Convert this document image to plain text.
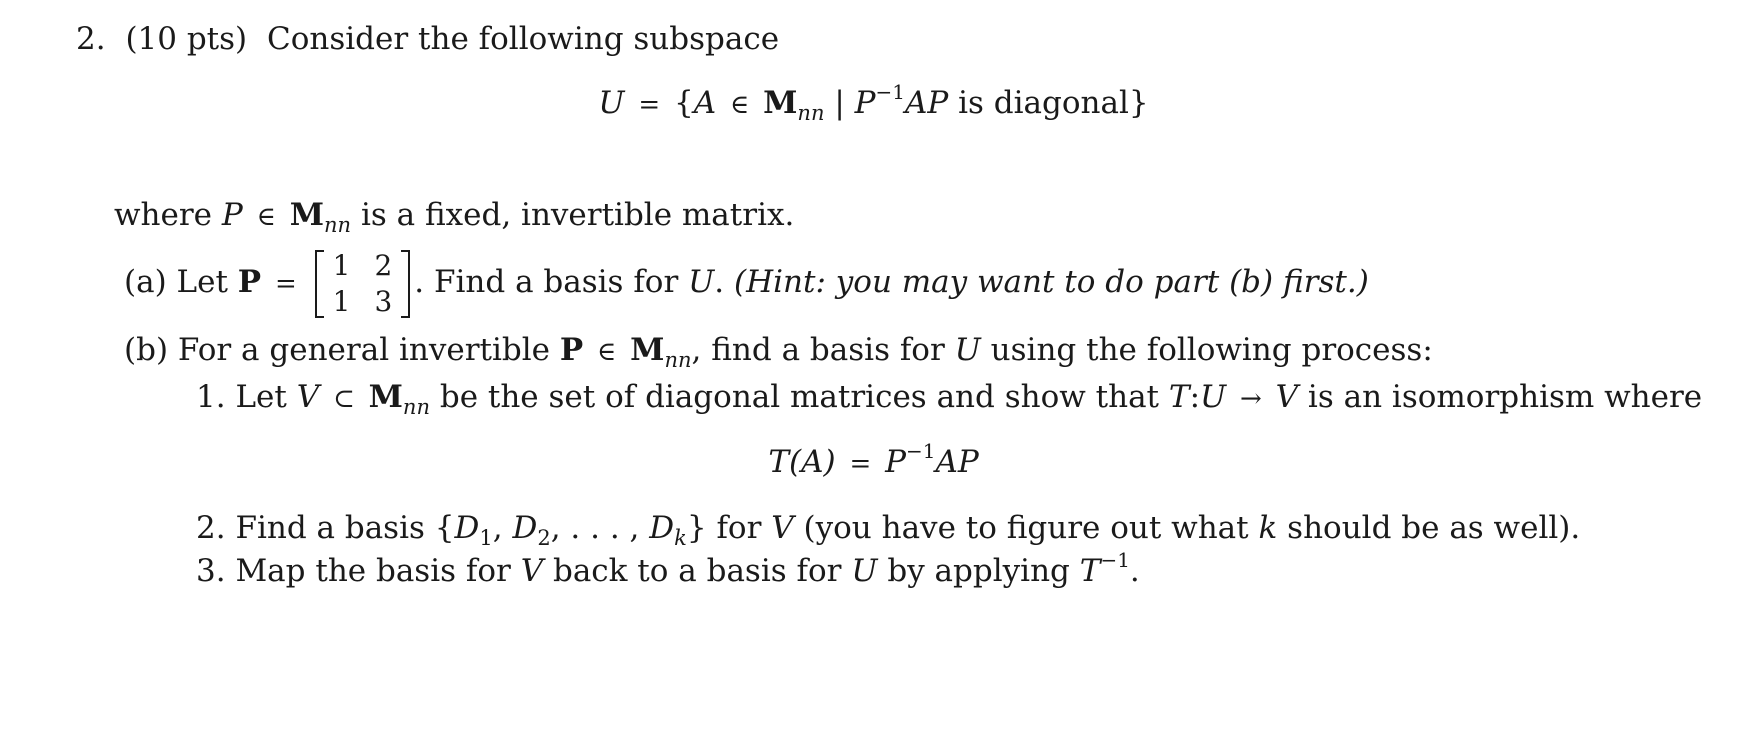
2. (10 pts) Consider the following subspace
U = {A ∈ $M_{nn}$ | $P^{-1}AP$ is diagonal}
where P ∈ $M_{nn}$ is a fixed, invertible matrix.
(a) Let P =
1	2
1	3
. Find a basis for U. (Hint: you may want to do part (b) first.)
(b) For a general invertible P ∈ $M_{nn}$, find a basis for U using the following process:
1. Let V ⊂ $M_{nn}$ be the set of diagonal matrices and show that T:U → V is an isomorphism where
$T(A) = P^{-1}AP$
2. Find a basis {$D_1$, $D_2$, . . . , $D_k$} for V (you have to figure out what k should be as well).
3. Map the basis for V back to a basis for U by applying $T^{-1}$.
